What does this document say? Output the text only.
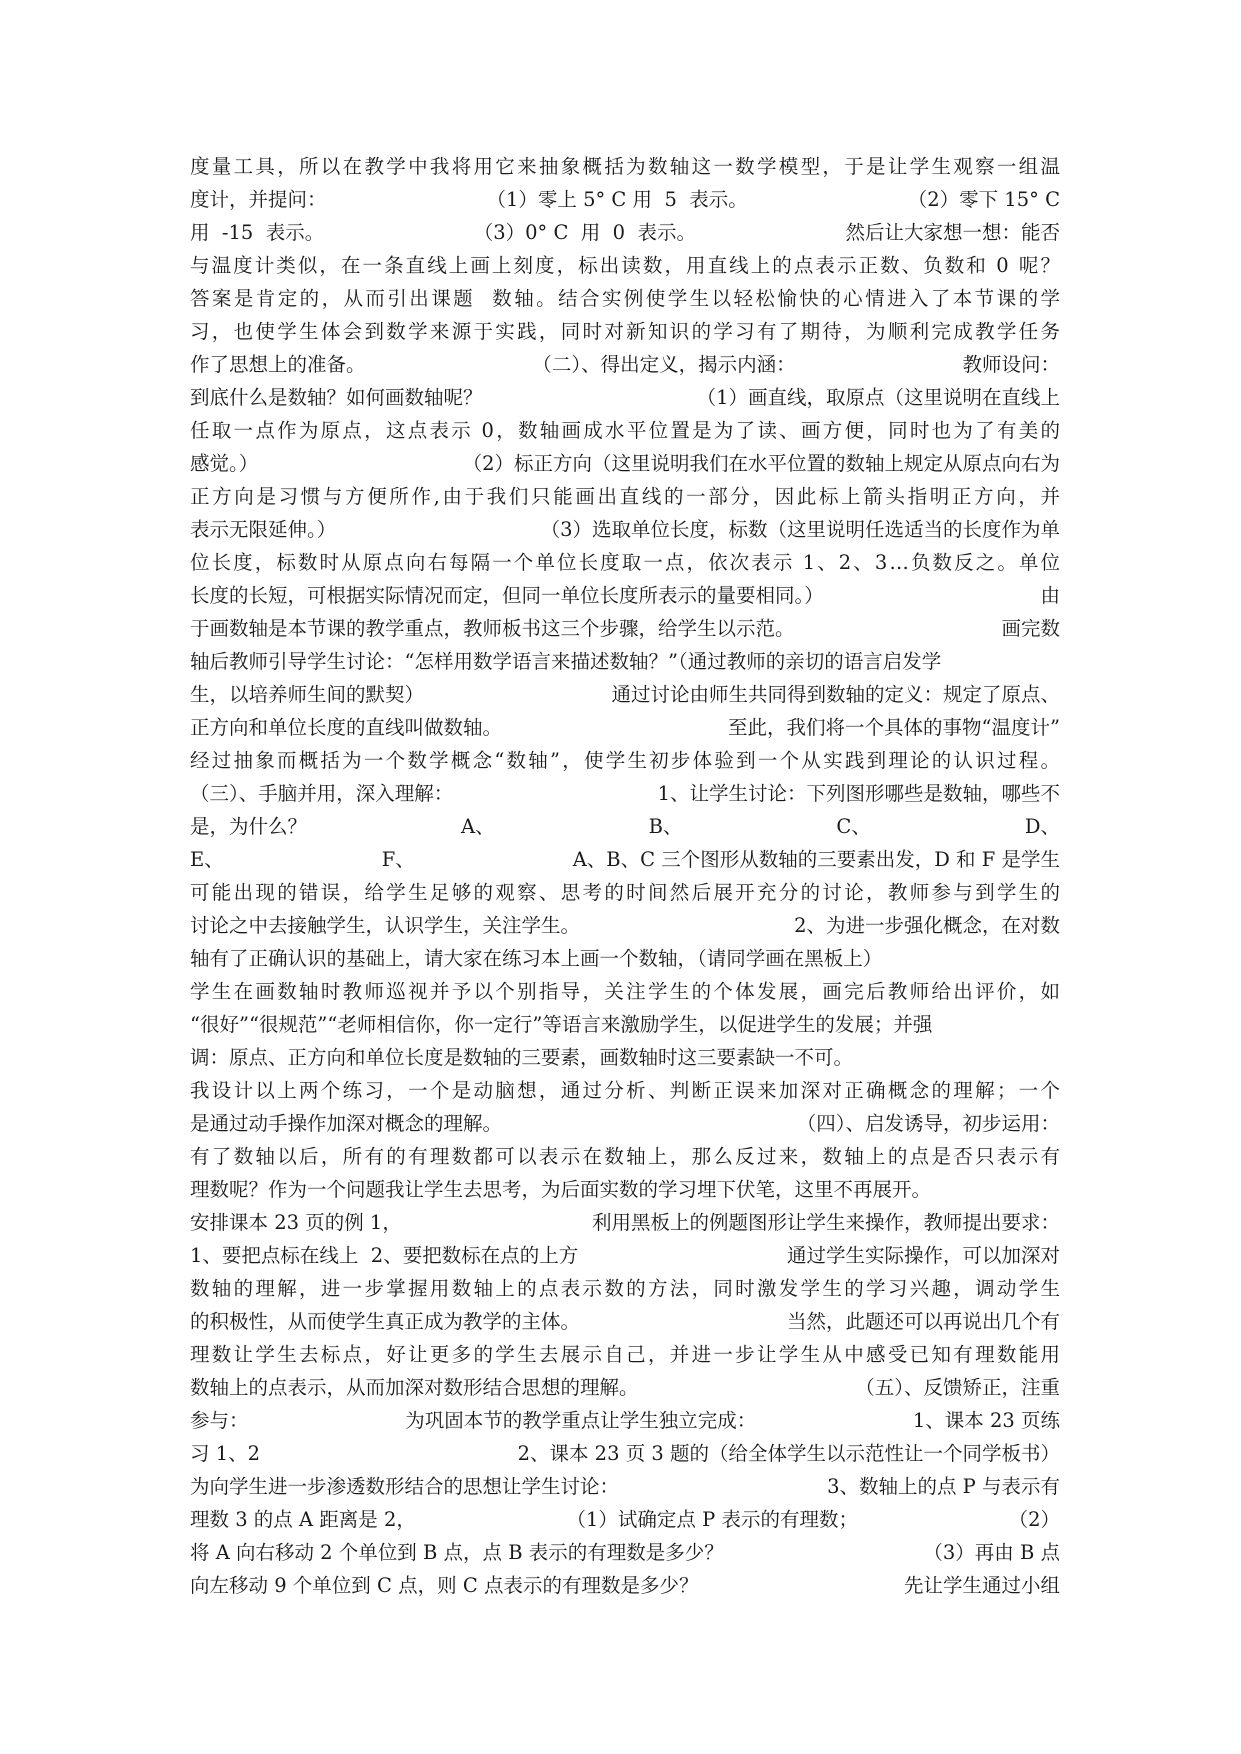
度量工具，所以在教学中我将用它来抽象概括为数轴这一数学模型，于是让学生观察一组温
度计，并提问：	（1）零上 5° C 用  5  表示。	（2）零下 15° C
用  -15  表示。	（3）0° C  用  0  表示。	然后让大家想一想：能否
与温度计类似，在一条直线上画上刻度，标出读数，用直线上的点表示正数、负数和 0 呢？
答案是肯定的，从而引出课题  数轴。结合实例使学生以轻松愉快的心情进入了本节课的学
习，也使学生体会到数学来源于实践，同时对新知识的学习有了期待，为顺利完成教学任务
作了思想上的准备。	（二）、得出定义，揭示内涵：	教师设问：
到底什么是数轴？如何画数轴呢？	（1）画直线，取原点（这里说明在直线上
任取一点作为原点，这点表示 0，数轴画成水平位置是为了读、画方便，同时也为了有美的
感觉。）	（2）标正方向（这里说明我们在水平位置的数轴上规定从原点向右为
正方向是习惯与方便所作,由于我们只能画出直线的一部分，因此标上箭头指明正方向，并
表示无限延伸。）	（3）选取单位长度，标数（这里说明任选适当的长度作为单
位长度，标数时从原点向右每隔一个单位长度取一点，依次表示 1、2、3…负数反之。单位
长度的长短，可根据实际情况而定，但同一单位长度所表示的量要相同。）	由
于画数轴是本节课的教学重点，教师板书这三个步骤，给学生以示范。	画完数
轴后教师引导学生讨论：“怎样用数学语言来描述数轴？”（通过教师的亲切的语言启发学
生，以培养师生间的默契）	通过讨论由师生共同得到数轴的定义：规定了原点、
正方向和单位长度的直线叫做数轴。	至此，我们将一个具体的事物“温度计”
经过抽象而概括为一个数学概念“数轴”，使学生初步体验到一个从实践到理论的认识过程。
（三）、手脑并用，深入理解：	1、让学生讨论：下列图形哪些是数轴，哪些不
是，为什么？	A、	B、	C、	D、
E、	F、	A、B、C 三个图形从数轴的三要素出发，D 和 F 是学生
可能出现的错误，给学生足够的观察、思考的时间然后展开充分的讨论，教师参与到学生的
讨论之中去接触学生，认识学生，关注学生。	2、为进一步强化概念，在对数
轴有了正确认识的基础上，请大家在练习本上画一个数轴，（请同学画在黑板上）
学生在画数轴时教师巡视并予以个别指导，关注学生的个体发展，画完后教师给出评价，如
“很好”“很规范”“老师相信你，你一定行”等语言来激励学生，以促进学生的发展；并强
调：原点、正方向和单位长度是数轴的三要素，画数轴时这三要素缺一不可。
我设计以上两个练习，一个是动脑想，通过分析、判断正误来加深对正确概念的理解；一个
是通过动手操作加深对概念的理解。	（四）、启发诱导，初步运用：
有了数轴以后，所有的有理数都可以表示在数轴上，那么反过来，数轴上的点是否只表示有
理数呢？作为一个问题我让学生去思考，为后面实数的学习埋下伏笔，这里不再展开。
安排课本 23 页的例 1，	利用黑板上的例题图形让学生来操作，教师提出要求：
1、要把点标在线上  2、要把数标在点的上方	通过学生实际操作，可以加深对
数轴的理解，进一步掌握用数轴上的点表示数的方法，同时激发学生的学习兴趣，调动学生
的积极性，从而使学生真正成为教学的主体。	当然，此题还可以再说出几个有
理数让学生去标点，好让更多的学生去展示自己，并进一步让学生从中感受已知有理数能用
数轴上的点表示，从而加深对数形结合思想的理解。	（五）、反馈矫正，注重
参与：	为巩固本节的教学重点让学生独立完成：	1、课本 23 页练
习 1、2	2、课本 23 页 3 题的（给全体学生以示范性让一个同学板书）
为向学生进一步渗透数形结合的思想让学生讨论：	3、数轴上的点 P 与表示有
理数 3 的点 A 距离是 2，	（1）试确定点 P 表示的有理数；	（2）
将 A 向右移动 2 个单位到 B 点，点 B 表示的有理数是多少？	（3）再由 B 点
向左移动 9 个单位到 C 点，则 C 点表示的有理数是多少？	先让学生通过小组
